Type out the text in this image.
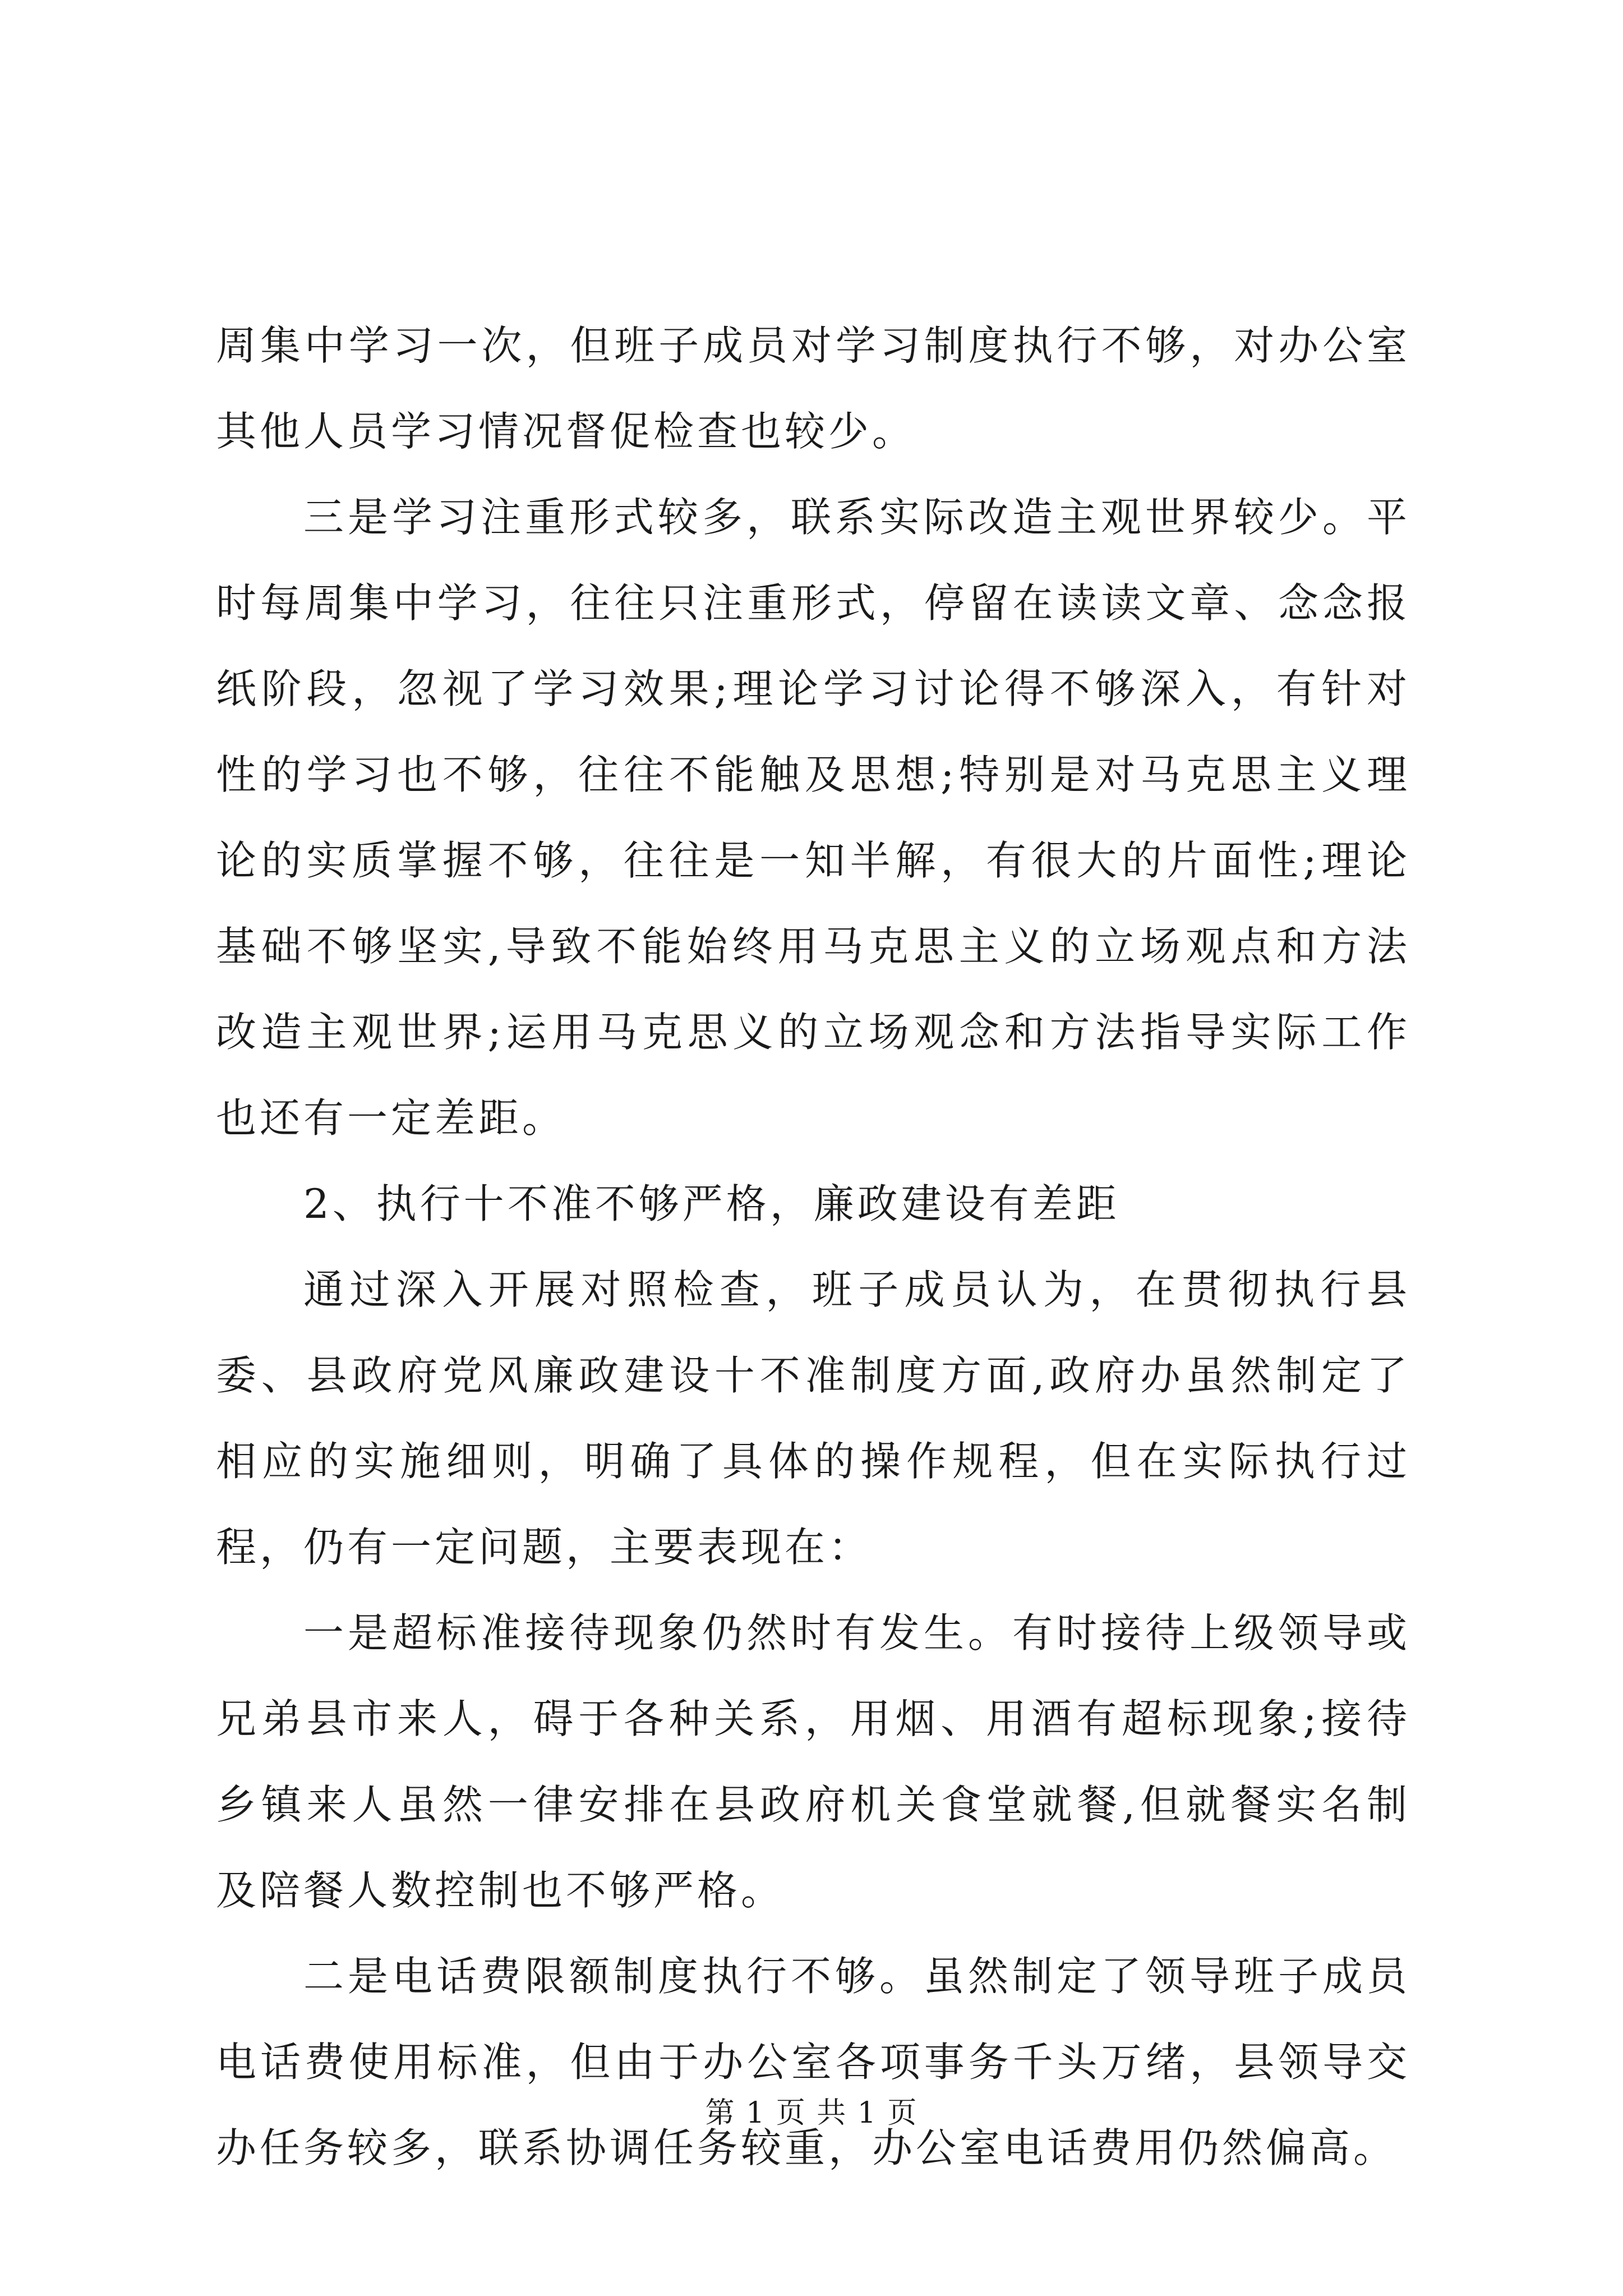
周集中学习一次，但班子成员对学习制度执行不够，对办公室其他人员学习情况督促检查也较少。

三是学习注重形式较多，联系实际改造主观世界较少。平时每周集中学习，往往只注重形式，停留在读读文章、念念报纸阶段，忽视了学习效果;理论学习讨论得不够深入，有针对性的学习也不够，往往不能触及思想;特别是对马克思主义理论的实质掌握不够，往往是一知半解，有很大的片面性;理论基础不够坚实,导致不能始终用马克思主义的立场观点和方法改造主观世界;运用马克思义的立场观念和方法指导实际工作也还有一定差距。

2、执行十不准不够严格，廉政建设有差距

通过深入开展对照检查，班子成员认为，在贯彻执行县委、县政府党风廉政建设十不准制度方面,政府办虽然制定了相应的实施细则，明确了具体的操作规程，但在实际执行过程，仍有一定问题，主要表现在：

一是超标准接待现象仍然时有发生。有时接待上级领导或兄弟县市来人，碍于各种关系，用烟、用酒有超标现象;接待乡镇来人虽然一律安排在县政府机关食堂就餐,但就餐实名制及陪餐人数控制也不够严格。

二是电话费限额制度执行不够。虽然制定了领导班子成员电话费使用标准，但由于办公室各项事务千头万绪，县领导交办任务较多，联系协调任务较重，办公室电话费用仍然偏高。

第 1 页 共 1 页
